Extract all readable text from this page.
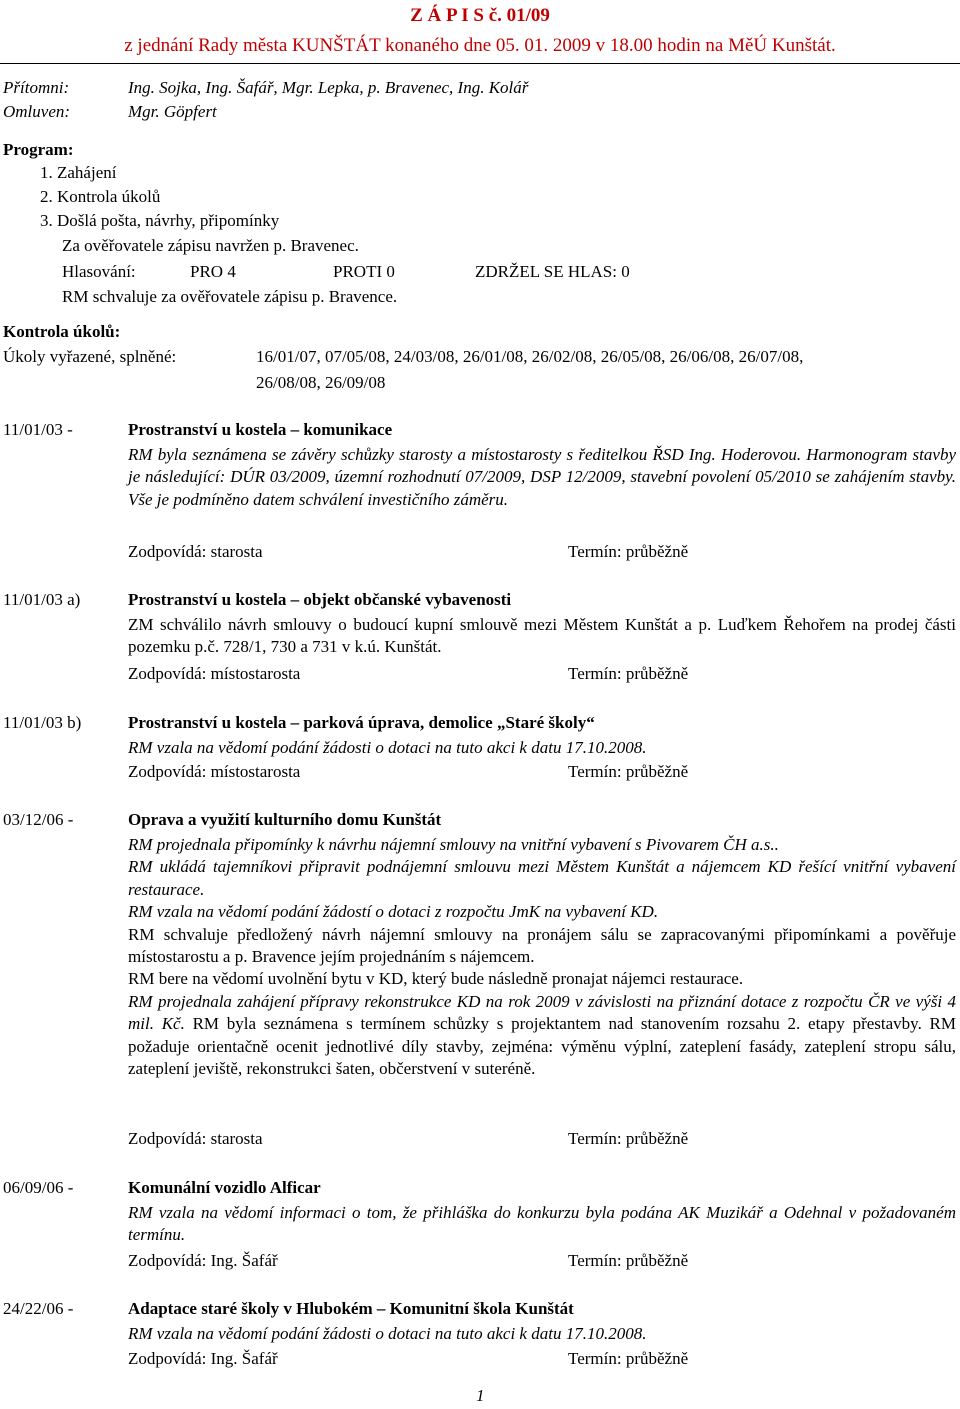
Z Á P I S č. 01/09
z jednání Rady města KUNŠTÁT konaného dne 05. 01. 2009 v 18.00 hodin na MěÚ Kunštát.
Přítomni:	Ing. Sojka, Ing. Šafář, Mgr. Lepka, p. Bravenec, Ing. Kolář
Omluven:	Mgr. Göpfert
Program:
1. Zahájení
2. Kontrola úkolů
3. Došlá pošta, návrhy, připomínky
Za ověřovatele zápisu navržen p. Bravenec.
Hlasování:	PRO 4	PROTI 0	ZDRŽEL SE HLAS: 0
RM schvaluje za ověřovatele zápisu p. Bravence.
Kontrola úkolů:
Úkoly vyřazené, splněné:	16/01/07, 07/05/08, 24/03/08, 26/01/08, 26/02/08, 26/05/08, 26/06/08, 26/07/08,
26/08/08, 26/09/08
11/01/03 -	Prostranství u kostela – komunikace
RM byla seznámena se závěry schůzky starosty a místostarosty s ředitelkou ŘSD Ing. Hoderovou. Harmonogram stavby je následující: DÚR 03/2009, územní rozhodnutí 07/2009, DSP 12/2009, stavební povolení 05/2010 se zahájením stavby. Vše je podmíněno datem schválení investičního záměru.
Zodpovídá: starosta	Termín: průběžně
11/01/03 a)	Prostranství u kostela – objekt občanské vybavenosti
ZM schválilo návrh smlouvy o budoucí kupní smlouvě mezi Městem Kunštát a p. Luďkem Řehořem na prodej části pozemku p.č. 728/1, 730 a 731 v k.ú. Kunštát.
Zodpovídá: místostarosta	Termín: průběžně
11/01/03 b)	Prostranství u kostela – parková úprava, demolice „Staré školy“
RM vzala na vědomí podání žádosti o dotaci na tuto akci k datu 17.10.2008.
Zodpovídá: místostarosta	Termín: průběžně
03/12/06 -	Oprava a využití kulturního domu Kunštát
RM projednala připomínky k návrhu nájemní smlouvy na vnitřní vybavení s Pivovarem ČH a.s..
RM ukládá tajemníkovi připravit podnájemní smlouvu mezi Městem Kunštát a nájemcem KD řešící vnitřní vybavení restaurace.
RM vzala na vědomí podání žádostí o dotaci z rozpočtu JmK na vybavení KD.
RM schvaluje předložený návrh nájemní smlouvy na pronájem sálu se zapracovanými připomínkami a pověřuje místostarostu a p. Bravence jejím projednáním s nájemcem.
RM bere na vědomí uvolnění bytu v KD, který bude následně pronajat nájemci restaurace.
RM projednala zahájení přípravy rekonstrukce KD na rok 2009 v závislosti na přiznání dotace z rozpočtu ČR ve výši 4 mil. Kč. RM byla seznámena s termínem schůzky s projektantem nad stanovením rozsahu 2. etapy přestavby. RM požaduje orientačně ocenit jednotlivé díly stavby, zejména: výměnu výplní, zateplení fasády, zateplení stropu sálu, zateplení jeviště, rekonstrukci šaten, občerstvení v suteréně.
Zodpovídá: starosta	Termín: průběžně
06/09/06 -	Komunální vozidlo Alficar
RM vzala na vědomí informaci o tom, že přihláška do konkurzu byla podána AK Muzikář a Odehnal v požadovaném termínu.
Zodpovídá: Ing. Šafář	Termín: průběžně
24/22/06 -	Adaptace staré školy v Hlubokém – Komunitní škola Kunštát
RM vzala na vědomí podání žádosti o dotaci na tuto akci k datu 17.10.2008.
Zodpovídá: Ing. Šafář	Termín: průběžně
1
